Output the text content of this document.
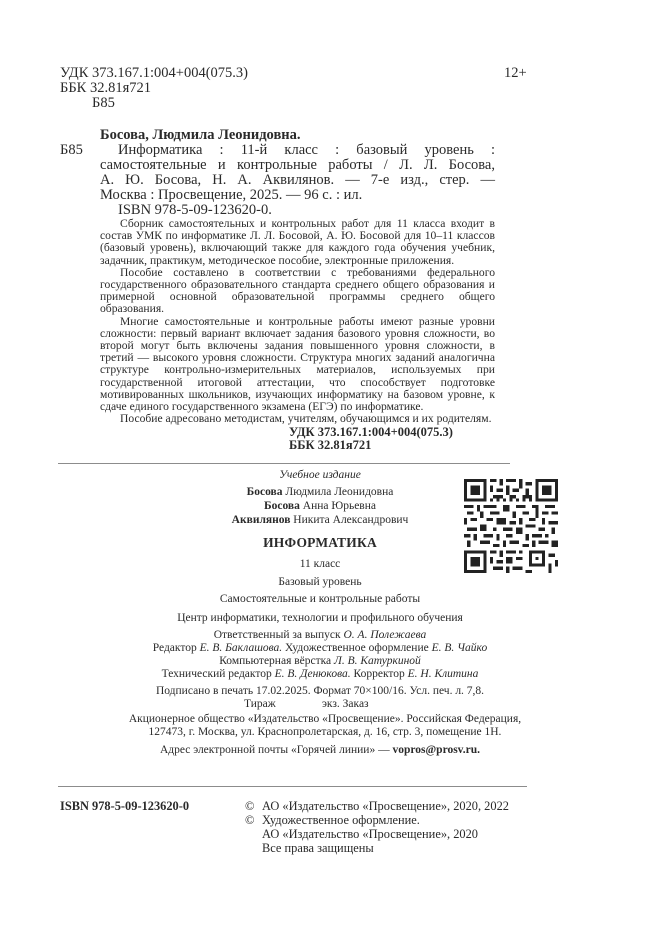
УДК 373.167.1:004+004(075.3)
ББК 32.81я721
Б85
12+
Босова, Людмила Леонидовна.
Б85 Информатика : 11-й класс : базовый уровень :
самостоятельные и контрольные работы / Л. Л. Босова,
А. Ю. Босова, Н. А. Аквилянов. — 7-е изд., стер. —
Москва : Просвещение, 2025. — 96 с. : ил.
ISBN 978-5-09-123620-0.

Сборник самостоятельных и контрольных работ для 11 класса входит в состав УМК по информатике Л. Л. Босовой, А. Ю. Босовой для 10–11 классов (базовый уровень), включающий также для каждого года обучения учебник, задачник, практикум, методическое пособие, электронные приложения.

Пособие составлено в соответствии с требованиями федерального государственного образовательного стандарта среднего общего образования и примерной основной образовательной программы среднего общего образования.

Многие самостоятельные и контрольные работы имеют разные уровни сложности: первый вариант включает задания базового уровня сложности, во второй могут быть включены задания повышенного уровня сложности, в третий — высокого уровня сложности. Структура многих заданий аналогична структуре контрольно-измерительных материалов, используемых при государственной итоговой аттестации, что способствует подготовке мотивированных школьников, изучающих информатику на базовом уровне, к сдаче единого государственного экзамена (ЕГЭ) по информатике.

Пособие адресовано методистам, учителям, обучающимся и их родителям.

УДК 373.167.1:004+004(075.3)
ББК 32.81я721
Учебное издание
Босова Людмила Леонидовна
Босова Анна Юрьевна
Аквилянов Никита Александрович
ИНФОРМАТИКА
11 класс
Базовый уровень
Самостоятельные и контрольные работы
Центр информатики, технологии и профильного обучения
Ответственный за выпуск О. А. Полежаева
Редактор Е. В. Баклашова. Художественное оформление Е. В. Чайко
Компьютерная вёрстка Л. В. Катуркиной
Технический редактор Е. В. Денюкова. Корректор Е. Н. Клитина
Подписано в печать 17.02.2025. Формат 70×100/16. Усл. печ. л. 7,8.
Тираж	экз. Заказ
Акционерное общество «Издательство «Просвещение». Российская Федерация,
127473, г. Москва, ул. Краснопролетарская, д. 16, стр. 3, помещение 1Н.
Адрес электронной почты «Горячей линии» — vopros@prosv.ru.
ISBN 978-5-09-123620-0	© АО «Издательство «Просвещение», 2020, 2022
© Художественное оформление.
АО «Издательство «Просвещение», 2020
Все права защищены
